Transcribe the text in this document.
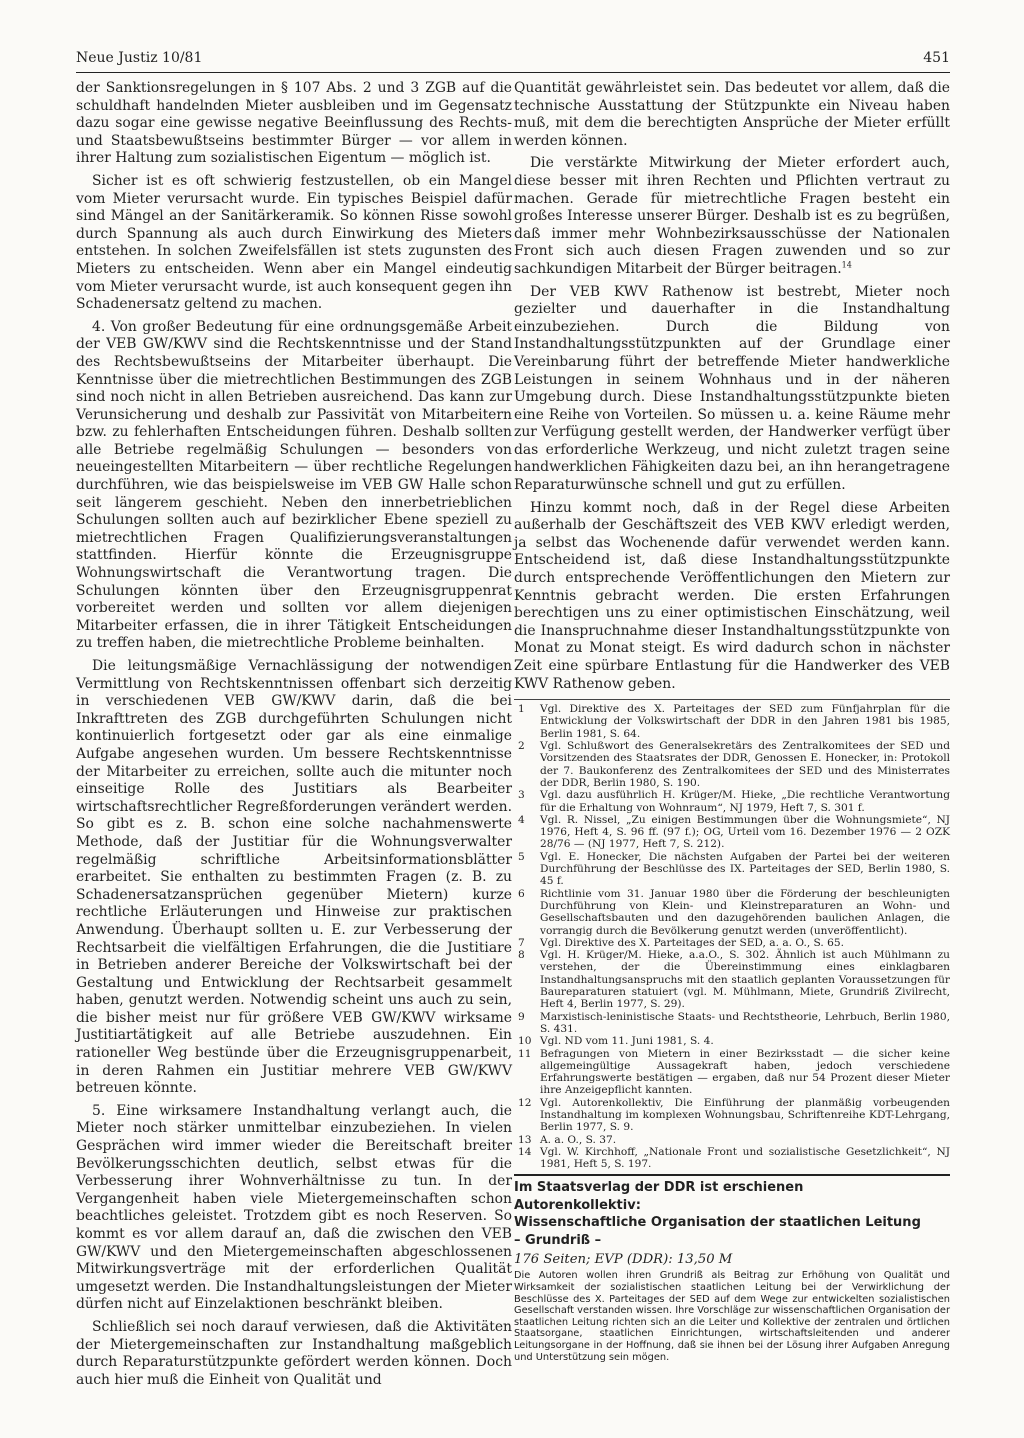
Neue Justiz 10/81	451

der Sanktionsregelungen in § 107 Abs. 2 und 3 ZGB auf die schuldhaft handelnden Mieter ausbleiben und im Gegensatz dazu sogar eine gewisse negative Beeinflussung des Rechts- und Staatsbewußtseins bestimmter Bürger — vor allem in ihrer Haltung zum sozialistischen Eigentum — möglich ist.

Sicher ist es oft schwierig festzustellen, ob ein Mangel vom Mieter verursacht wurde. Ein typisches Beispiel dafür sind Mängel an der Sanitärkeramik. So können Risse sowohl durch Spannung als auch durch Einwirkung des Mieters entstehen. In solchen Zweifelsfällen ist stets zugunsten des Mieters zu entscheiden. Wenn aber ein Mangel eindeutig vom Mieter verursacht wurde, ist auch konsequent gegen ihn Schadenersatz geltend zu machen.

4. Von großer Bedeutung für eine ordnungsgemäße Arbeit der VEB GW/KWV sind die Rechtskenntnisse und der Stand des Rechtsbewußtseins der Mitarbeiter überhaupt. Die Kenntnisse über die mietrechtlichen Bestimmungen des ZGB sind noch nicht in allen Betrieben ausreichend. Das kann zur Verunsicherung und deshalb zur Passivität von Mitarbeitern bzw. zu fehlerhaften Entscheidungen führen. Deshalb sollten alle Betriebe regelmäßig Schulungen — besonders von neueingestellten Mitarbeitern — über rechtliche Regelungen durchführen, wie das beispielsweise im VEB GW Halle schon seit längerem geschieht. Neben den innerbetrieblichen Schulungen sollten auch auf bezirklicher Ebene speziell zu mietrechtlichen Fragen Qualifizierungsveranstaltungen stattfinden. Hierfür könnte die Erzeugnisgruppe Wohnungswirtschaft die Verantwortung tragen. Die Schulungen könnten über den Erzeugnisgruppenrat vorbereitet werden und sollten vor allem diejenigen Mitarbeiter erfassen, die in ihrer Tätigkeit Entscheidungen zu treffen haben, die mietrechtliche Probleme beinhalten.

Die leitungsmäßige Vernachlässigung der notwendigen Vermittlung von Rechtskenntnissen offenbart sich derzeitig in verschiedenen VEB GW/KWV darin, daß die bei Inkrafttreten des ZGB durchgeführten Schulungen nicht kontinuierlich fortgesetzt oder gar als eine einmalige Aufgabe angesehen wurden. Um bessere Rechtskenntnisse der Mitarbeiter zu erreichen, sollte auch die mitunter noch einseitige Rolle des Justitiars als Bearbeiter wirtschaftsrechtlicher Regreßforderungen verändert werden. So gibt es z. B. schon eine solche nachahmenswerte Methode, daß der Justitiar für die Wohnungsverwalter regelmäßig schriftliche Arbeitsinformationsblätter erarbeitet. Sie enthalten zu bestimmten Fragen (z. B. zu Schadenersatzansprüchen gegenüber Mietern) kurze rechtliche Erläuterungen und Hinweise zur praktischen Anwendung. Überhaupt sollten u. E. zur Verbesserung der Rechtsarbeit die vielfältigen Erfahrungen, die die Justitiare in Betrieben anderer Bereiche der Volkswirtschaft bei der Gestaltung und Entwicklung der Rechtsarbeit gesammelt haben, genutzt werden. Notwendig scheint uns auch zu sein, die bisher meist nur für größere VEB GW/KWV wirksame Justitiartätigkeit auf alle Betriebe auszudehnen. Ein rationeller Weg bestünde über die Erzeugnisgruppenarbeit, in deren Rahmen ein Justitiar mehrere VEB GW/KWV betreuen könnte.

5. Eine wirksamere Instandhaltung verlangt auch, die Mieter noch stärker unmittelbar einzubeziehen. In vielen Gesprächen wird immer wieder die Bereitschaft breiter Bevölkerungsschichten deutlich, selbst etwas für die Verbesserung ihrer Wohnverhältnisse zu tun. In der Vergangenheit haben viele Mietergemeinschaften schon beachtliches geleistet. Trotzdem gibt es noch Reserven. So kommt es vor allem darauf an, daß die zwischen den VEB GW/KWV und den Mietergemeinschaften abgeschlossenen Mitwirkungsverträge mit der erforderlichen Qualität umgesetzt werden. Die Instandhaltungsleistungen der Mieter dürfen nicht auf Einzelaktionen beschränkt bleiben.

Schließlich sei noch darauf verwiesen, daß die Aktivitäten der Mietergemeinschaften zur Instandhaltung maßgeblich durch Reparaturstützpunkte gefördert werden können. Doch auch hier muß die Einheit von Qualität und

Quantität gewährleistet sein. Das bedeutet vor allem, daß die technische Ausstattung der Stützpunkte ein Niveau haben muß, mit dem die berechtigten Ansprüche der Mieter erfüllt werden können.

Die verstärkte Mitwirkung der Mieter erfordert auch, diese besser mit ihren Rechten und Pflichten vertraut zu machen. Gerade für mietrechtliche Fragen besteht ein großes Interesse unserer Bürger. Deshalb ist es zu begrüßen, daß immer mehr Wohnbezirksausschüsse der Nationalen Front sich auch diesen Fragen zuwenden und so zur sachkundigen Mitarbeit der Bürger beitragen.$^{14}$

Der VEB KWV Rathenow ist bestrebt, Mieter noch gezielter und dauerhafter in die Instandhaltung einzubeziehen. Durch die Bildung von Instandhaltungsstützpunkten auf der Grundlage einer Vereinbarung führt der betreffende Mieter handwerkliche Leistungen in seinem Wohnhaus und in der näheren Umgebung durch. Diese Instandhaltungsstützpunkte bieten eine Reihe von Vorteilen. So müssen u. a. keine Räume mehr zur Verfügung gestellt werden, der Handwerker verfügt über das erforderliche Werkzeug, und nicht zuletzt tragen seine handwerklichen Fähigkeiten dazu bei, an ihn herangetragene Reparaturwünsche schnell und gut zu erfüllen.

Hinzu kommt noch, daß in der Regel diese Arbeiten außerhalb der Geschäftszeit des VEB KWV erledigt werden, ja selbst das Wochenende dafür verwendet werden kann. Entscheidend ist, daß diese Instandhaltungsstützpunkte durch entsprechende Veröffentlichungen den Mietern zur Kenntnis gebracht werden. Die ersten Erfahrungen berechtigen uns zu einer optimistischen Einschätzung, weil die Inanspruchnahme dieser Instandhaltungsstützpunkte von Monat zu Monat steigt. Es wird dadurch schon in nächster Zeit eine spürbare Entlastung für die Handwerker des VEB KWV Rathenow geben.

1	Vgl. Direktive des X. Parteitages der SED zum Fünfjahrplan für die Entwicklung der Volkswirtschaft der DDR in den Jahren 1981 bis 1985, Berlin 1981, S. 64.
2	Vgl. Schlußwort des Generalsekretärs des Zentralkomitees der SED und Vorsitzenden des Staatsrates der DDR, Genossen E. Honecker, in: Protokoll der 7. Baukonferenz des Zentralkomitees der SED und des Ministerrates der DDR, Berlin 1980, S. 190.
3	Vgl. dazu ausführlich H. Krüger/M. Hieke, „Die rechtliche Verantwortung für die Erhaltung von Wohnraum“, NJ 1979, Heft 7, S. 301 f.
4	Vgl. R. Nissel, „Zu einigen Bestimmungen über die Wohnungsmiete“, NJ 1976, Heft 4, S. 96 ff. (97 f.); OG, Urteil vom 16. Dezember 1976 — 2 OZK 28/76 — (NJ 1977, Heft 7, S. 212).
5	Vgl. E. Honecker, Die nächsten Aufgaben der Partei bei der weiteren Durchführung der Beschlüsse des IX. Parteitages der SED, Berlin 1980, S. 45 f.
6	Richtlinie vom 31. Januar 1980 über die Förderung der beschleunigten Durchführung von Klein- und Kleinstreparaturen an Wohn- und Gesellschaftsbauten und den dazugehörenden baulichen Anlagen, die vorrangig durch die Bevölkerung genutzt werden (unveröffentlicht).
7	Vgl. Direktive des X. Parteitages der SED, a. a. O., S. 65.
8	Vgl. H. Krüger/M. Hieke, a.a.O., S. 302. Ähnlich ist auch Mühlmann zu verstehen, der die Übereinstimmung eines einklagbaren Instandhaltungsanspruchs mit den staatlich geplanten Voraussetzungen für Baureparaturen statuiert (vgl. M. Mühlmann, Miete, Grundriß Zivilrecht, Heft 4, Berlin 1977, S. 29).
9	Marxistisch-leninistische Staats- und Rechtstheorie, Lehrbuch, Berlin 1980, S. 431.
10 Vgl. ND vom 11. Juni 1981, S. 4.
11 Befragungen von Mietern in einer Bezirksstadt — die sicher keine allgemeingültige Aussagekraft haben, jedoch verschiedene Erfahrungswerte bestätigen — ergaben, daß nur 54 Prozent dieser Mieter ihre Anzeigepflicht kannten.
12 Vgl. Autorenkollektiv, Die Einführung der planmäßig vorbeugenden Instandhaltung im komplexen Wohnungsbau, Schriftenreihe KDT-Lehrgang, Berlin 1977, S. 9.
13 A. a. O., S. 37.
14 Vgl. W. Kirchhoff, „Nationale Front und sozialistische Gesetzlichkeit“, NJ 1981, Heft 5, S. 197.
Im Staatsverlag der DDR ist erschienen
Autorenkollektiv:
Wissenschaftliche Organisation der staatlichen Leitung
– Grundriß –
176 Seiten; EVP (DDR): 13,50 M
Die Autoren wollen ihren Grundriß als Beitrag zur Erhöhung von Qualität und Wirksamkeit der sozialistischen staatlichen Leitung bei der Verwirklichung der Beschlüsse des X. Parteitages der SED auf dem Wege zur entwickelten sozialistischen Gesellschaft verstanden wissen. Ihre Vorschläge zur wissenschaftlichen Organisation der staatlichen Leitung richten sich an die Leiter und Kollektive der zentralen und örtlichen Staatsorgane, staatlichen Einrichtungen, wirtschaftsleitenden und anderer Leitungsorgane in der Hoffnung, daß sie ihnen bei der Lösung ihrer Aufgaben Anregung und Unterstützung sein mögen.
